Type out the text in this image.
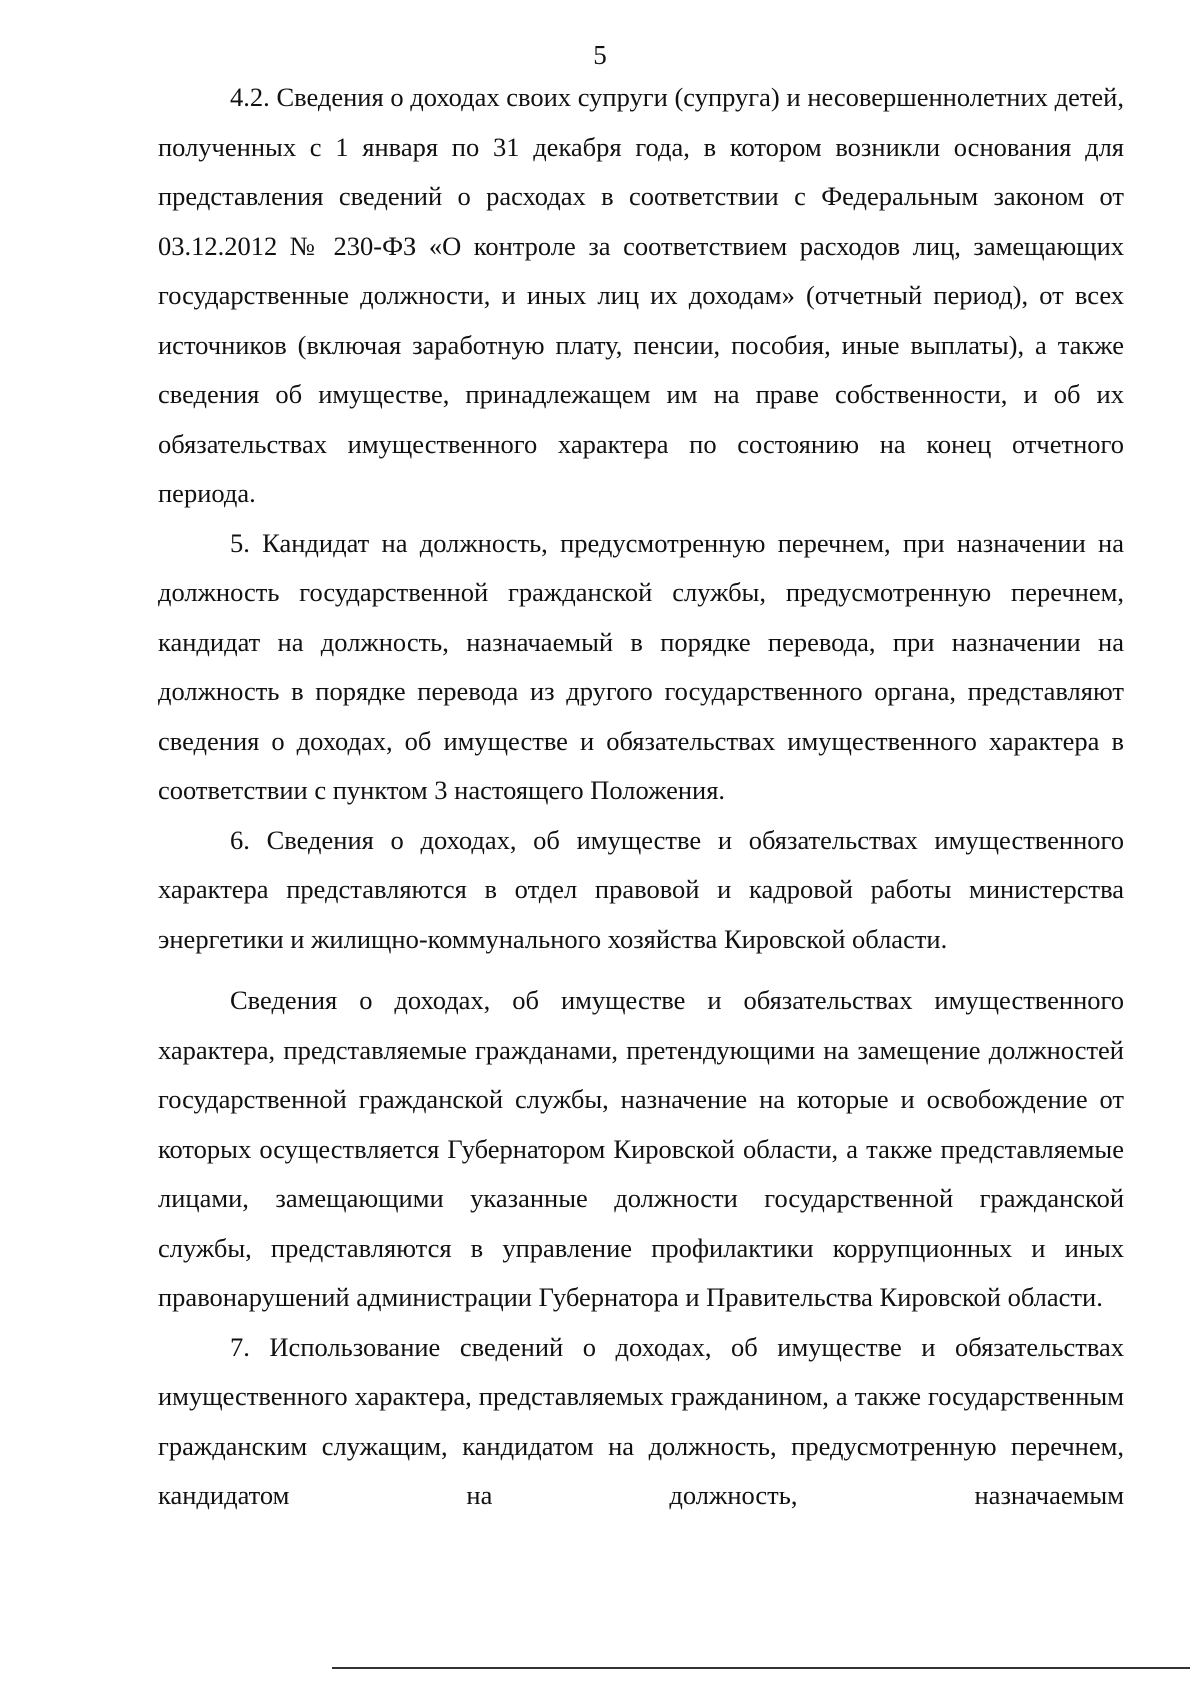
5

4.2. Сведения о доходах своих супруги (супруга) и несовершеннолетних детей, полученных с 1 января по 31 декабря года, в котором возникли основания для представления сведений о расходах в соответствии с Федеральным законом от 03.12.2012 № 230-ФЗ «О контроле за соответствием расходов лиц, замещающих государственные должности, и иных лиц их доходам» (отчетный период), от всех источников (включая заработную плату, пенсии, пособия, иные выплаты), а также сведения об имуществе, принадлежащем им на праве собственности, и об их обязательствах имущественного характера по состоянию на конец отчетного периода.

5. Кандидат на должность, предусмотренную перечнем, при назначении на должность государственной гражданской службы, предусмотренную перечнем, кандидат на должность, назначаемый в порядке перевода, при назначении на должность в порядке перевода из другого государственного органа, представляют сведения о доходах, об имуществе и обязательствах имущественного характера в соответствии с пунктом 3 настоящего Положения.

6. Сведения о доходах, об имуществе и обязательствах имущественного характера представляются в отдел правовой и кадровой работы министерства энергетики и жилищно-коммунального хозяйства Кировской области.

Сведения о доходах, об имуществе и обязательствах имущественного характера, представляемые гражданами, претендующими на замещение должностей государственной гражданской службы, назначение на которые и освобождение от которых осуществляется Губернатором Кировской области, а также представляемые лицами, замещающими указанные должности государственной гражданской службы, представляются в управление профилактики коррупционных и иных правонарушений администрации Губернатора и Правительства Кировской области.

7. Использование сведений о доходах, об имуществе и обязательствах имущественного характера, представляемых гражданином, а также государственным гражданским служащим, кандидатом на должность, предусмотренную перечнем, кандидатом на должность, назначаемым
